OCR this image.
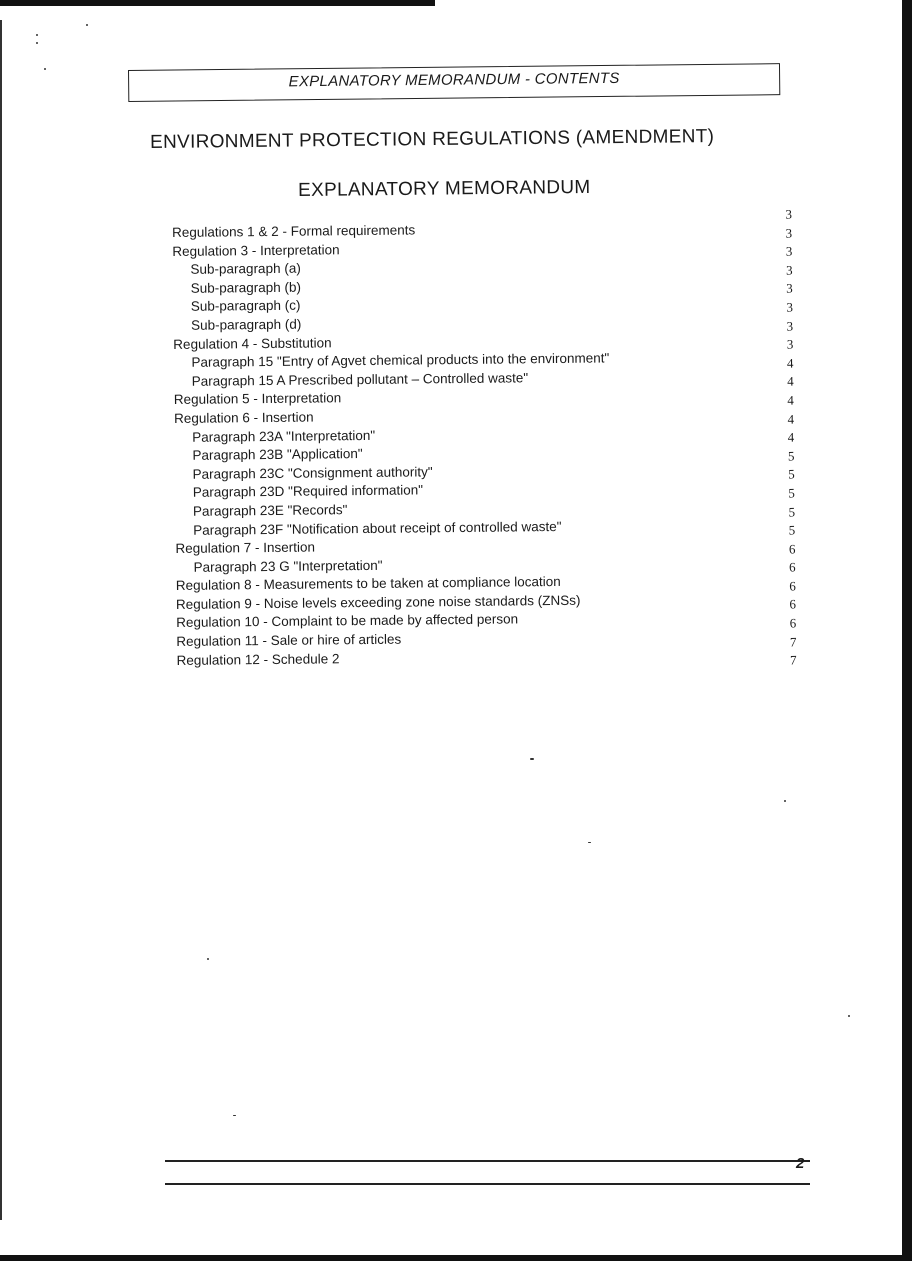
EXPLANATORY MEMORANDUM - CONTENTS
ENVIRONMENT PROTECTION REGULATIONS (AMENDMENT)
EXPLANATORY MEMORANDUM
Regulations 1 & 2 - Formal requirements
3
Regulation 3 - Interpretation
3
Sub-paragraph (a)
3
Sub-paragraph (b)
3
Sub-paragraph (c)
3
Sub-paragraph (d)
3
Regulation 4 - Substitution
3
Paragraph 15 "Entry of Agvet chemical products into the environment"
3
Paragraph 15 A Prescribed pollutant – Controlled waste"
4
Regulation 5 - Interpretation
4
Regulation 6 - Insertion
4
Paragraph 23A "Interpretation"
4
Paragraph 23B "Application"
4
Paragraph 23C "Consignment authority"
5
Paragraph 23D "Required information"
5
Paragraph 23E "Records"
5
Paragraph 23F "Notification about receipt of controlled waste"
5
Regulation 7 - Insertion
5
Paragraph 23 G "Interpretation"
6
Regulation 8 - Measurements to be taken at compliance location
6
Regulation 9 - Noise levels exceeding zone noise standards (ZNSs)
6
Regulation 10 - Complaint to be made by affected person
6
Regulation 11 - Sale or hire of articles
6
Regulation 12 - Schedule 2
7
7
2
